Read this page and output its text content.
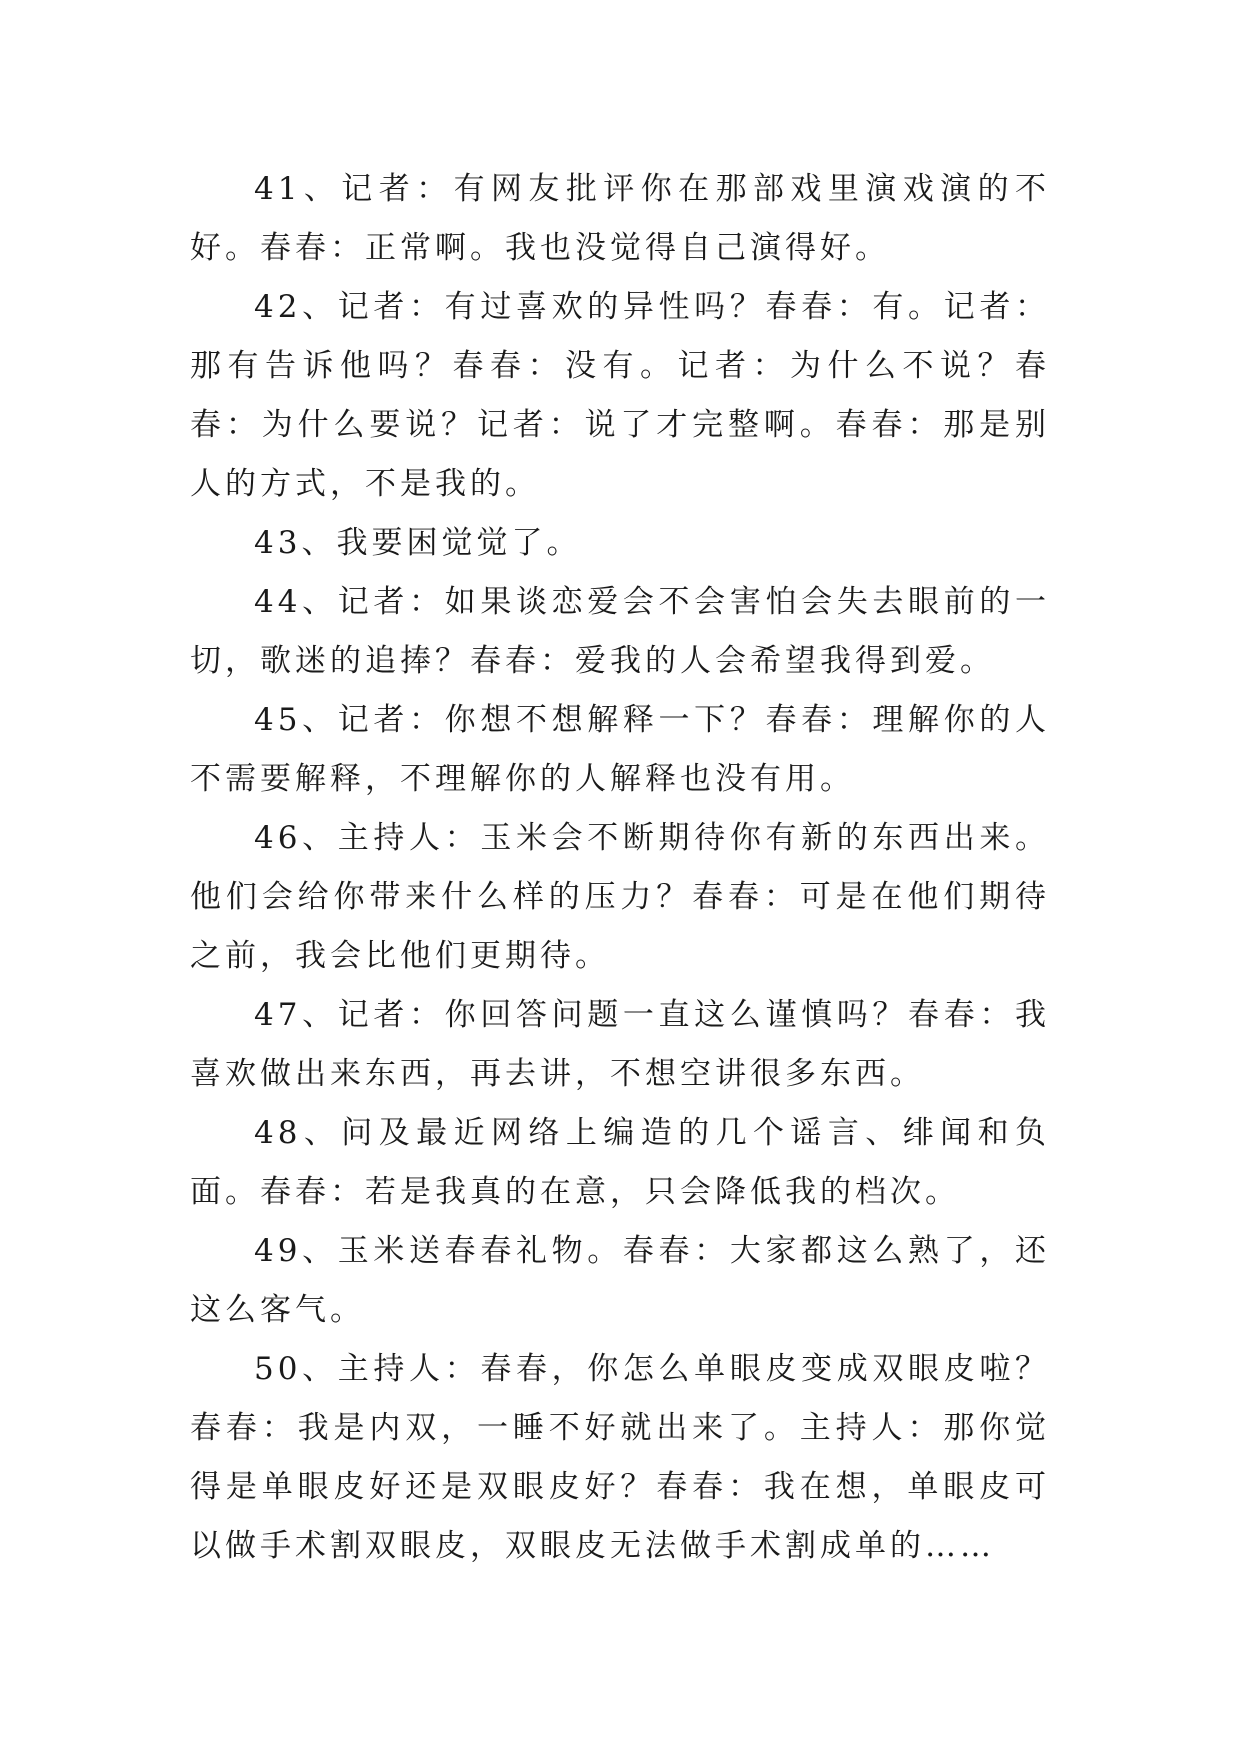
41、记者：有网友批评你在那部戏里演戏演的不好。春春：正常啊。我也没觉得自己演得好。

42、记者：有过喜欢的异性吗？春春：有。记者：那有告诉他吗？春春：没有。记者：为什么不说？春春：为什么要说？记者：说了才完整啊。春春：那是别人的方式，不是我的。

43、我要困觉觉了。

44、记者：如果谈恋爱会不会害怕会失去眼前的一切，歌迷的追捧？春春：爱我的人会希望我得到爱。

45、记者：你想不想解释一下？春春：理解你的人不需要解释，不理解你的人解释也没有用。

46、主持人：玉米会不断期待你有新的东西出来。他们会给你带来什么样的压力？春春：可是在他们期待之前，我会比他们更期待。

47、记者：你回答问题一直这么谨慎吗？春春：我喜欢做出来东西，再去讲，不想空讲很多东西。

48、问及最近网络上编造的几个谣言、绯闻和负面。春春：若是我真的在意，只会降低我的档次。

49、玉米送春春礼物。春春：大家都这么熟了，还这么客气。

50、主持人：春春，你怎么单眼皮变成双眼皮啦？春春：我是内双，一睡不好就出来了。主持人：那你觉得是单眼皮好还是双眼皮好？春春：我在想，单眼皮可以做手术割双眼皮，双眼皮无法做手术割成单的……
